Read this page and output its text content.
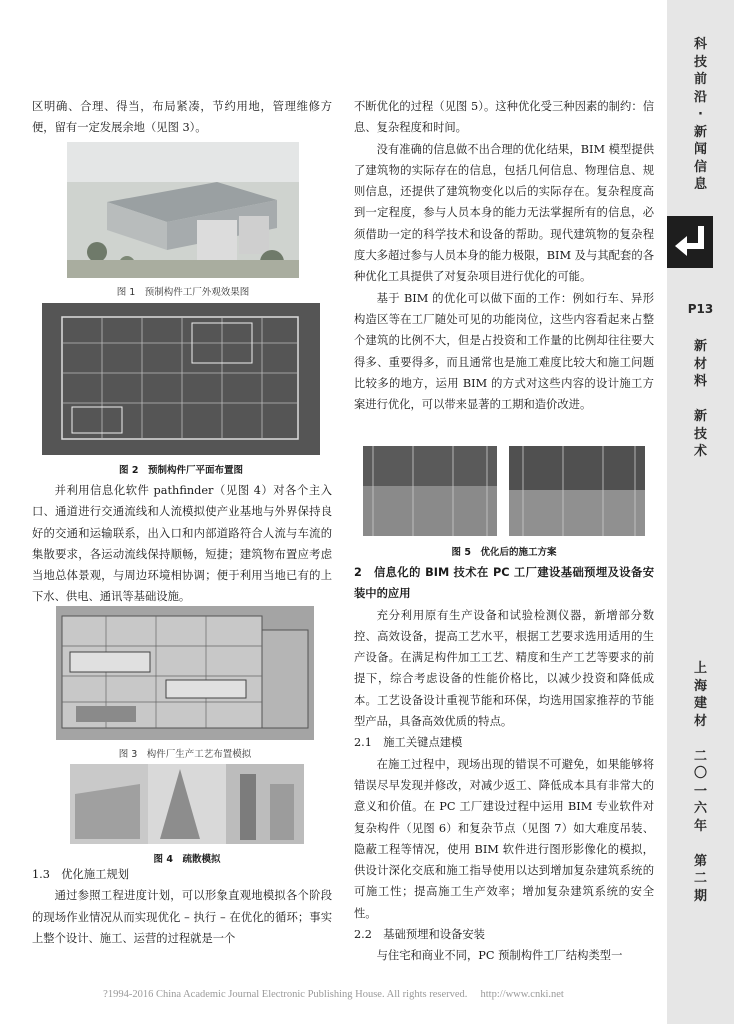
科
技
前
沿
·
新
闻
信
息
新
材
料

新
技
术
上
海
建
材

二
〇
一
六
年

第
二
期
P13

区明确、合理、得当，布局紧凑，节约用地，管理维修方便，留有一定发展余地（见图 3）。

图 1　预制构件工厂外观效果图
图 2　预制构件厂平面布置图

并利用信息化软件 pathfinder（见图 4）对各个主入口、通道进行交通流线和人流模拟使产业基地与外界保持良好的交通和运输联系，出入口和内部道路符合人流与车流的集散要求，各运动流线保持顺畅，短捷；建筑物布置应考虑当地总体景观，与周边环境相协调；便于利用当地已有的上下水、供电、通讯等基础设施。

图 3　构件厂生产工艺布置模拟
图 4　疏散模拟

1.3　优化施工规划

通过参照工程进度计划，可以形象直观地模拟各个阶段的现场作业情况从而实现优化 – 执行 – 在优化的循环；事实上整个设计、施工、运营的过程就是一个

不断优化的过程（见图 5）。这种优化受三种因素的制约：信息、复杂程度和时间。

没有准确的信息做不出合理的优化结果，BIM 模型提供了建筑物的实际存在的信息，包括几何信息、物理信息、规则信息，还提供了建筑物变化以后的实际存在。复杂程度高到一定程度，参与人员本身的能力无法掌握所有的信息，必须借助一定的科学技术和设备的帮助。现代建筑物的复杂程度大多超过参与人员本身的能力极限，BIM 及与其配套的各种优化工具提供了对复杂项目进行优化的可能。

基于 BIM 的优化可以做下面的工作：例如行车、异形构造区等在工厂随处可见的功能岗位，这些内容看起来占整个建筑的比例不大，但是占投资和工作量的比例却往往要大得多、重要得多，而且通常也是施工难度比较大和施工问题比较多的地方，运用 BIM 的方式对这些内容的设计施工方案进行优化，可以带来显著的工期和造价改进。

图 5　优化后的施工方案

2　信息化的 BIM 技术在 PC 工厂建设基础预埋及设备安装中的应用

充分利用原有生产设备和试验检测仪器，新增部分数控、高效设备，提高工艺水平，根据工艺要求选用适用的生产设备。在满足构件加工工艺、精度和生产工艺等要求的前提下，综合考虑设备的性能价格比，以减少投资和降低成本。工艺设备设计重视节能和环保，均选用国家推荐的节能型产品，具备高效优质的特点。

2.1　施工关键点建模

在施工过程中，现场出现的错误不可避免，如果能够将错误尽早发现并修改，对减少返工、降低成本具有非常大的意义和价值。在 PC 工厂建设过程中运用 BIM 专业软件对复杂构件（见图 6）和复杂节点（见图 7）如大难度吊装、隐蔽工程等情况，使用 BIM 软件进行图形影像化的模拟，供设计深化交底和施工指导使用以达到增加复杂建筑系统的可施工性；提高施工生产效率；增加复杂建筑系统的安全性。

2.2　基础预埋和设备安装

与住宅和商业不同，PC 预制构件工厂结构类型一

?1994-2016 China Academic Journal Electronic Publishing House. All rights reserved.　 http://www.cnki.net
